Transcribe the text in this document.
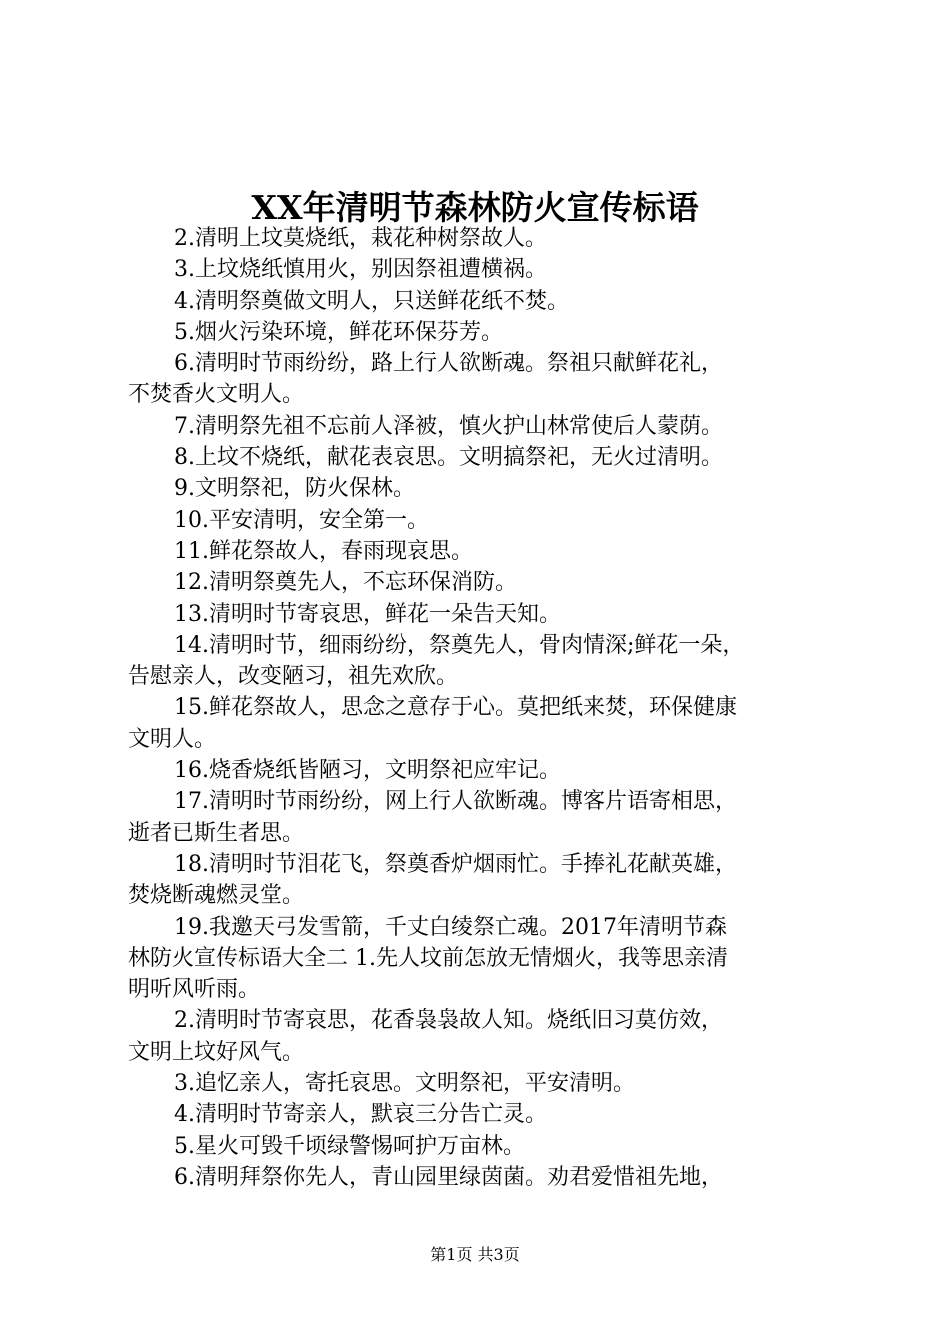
XX年清明节森林防火宣传标语
2.清明上坟莫烧纸，栽花种树祭故人。
3.上坟烧纸慎用火，别因祭祖遭横祸。
4.清明祭奠做文明人，只送鲜花纸不焚。
5.烟火污染环境，鲜花环保芬芳。
6.清明时节雨纷纷，路上行人欲断魂。祭祖只献鲜花礼，
不焚香火文明人。
7.清明祭先祖不忘前人泽被，慎火护山林常使后人蒙荫。
8.上坟不烧纸，献花表哀思。文明搞祭祀，无火过清明。
9.文明祭祀，防火保林。
10.平安清明，安全第一。
11.鲜花祭故人，春雨现哀思。
12.清明祭奠先人，不忘环保消防。
13.清明时节寄哀思，鲜花一朵告天知。
14.清明时节，细雨纷纷，祭奠先人，骨肉情深;鲜花一朵，
告慰亲人，改变陋习，祖先欢欣。
15.鲜花祭故人，思念之意存于心。莫把纸来焚，环保健康
文明人。
16.烧香烧纸皆陋习，文明祭祀应牢记。
17.清明时节雨纷纷，网上行人欲断魂。博客片语寄相思，
逝者已斯生者思。
18.清明时节泪花飞，祭奠香炉烟雨忙。手捧礼花献英雄，
焚烧断魂燃灵堂。
19.我邀天弓发雪箭，千丈白绫祭亡魂。2017年清明节森
林防火宣传标语大全二 1.先人坟前怎放无情烟火，我等思亲清
明听风听雨。
2.清明时节寄哀思，花香袅袅故人知。烧纸旧习莫仿效，
文明上坟好风气。
3.追忆亲人，寄托哀思。文明祭祀，平安清明。
4.清明时节寄亲人，默哀三分告亡灵。
5.星火可毁千顷绿警惕呵护万亩林。
6.清明拜祭你先人，青山园里绿茵菌。劝君爱惜祖先地，
第1页 共3页
